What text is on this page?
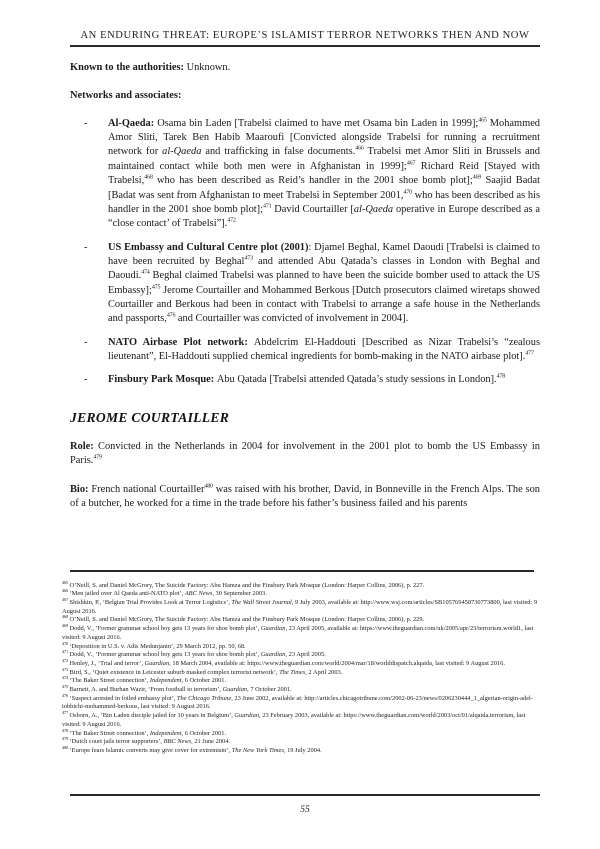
AN ENDURING THREAT: EUROPE’S ISLAMIST TERROR NETWORKS THEN AND NOW

Known to the authorities: Unknown.

Networks and associates:

-	Al-Qaeda: Osama bin Laden [Trabelsi claimed to have met Osama bin Laden in 1999];$^{465}$ Mohammed Amor Sliti, Tarek Ben Habib Maaroufi [Convicted alongside Trabelsi for running a recruitment network for al-Qaeda and trafficking in false documents.$^{466}$ Trabelsi met Amor Sliti in Brussels and maintained contact while both men were in Afghanistan in 1999];$^{467}$ Richard Reid [Stayed with Trabelsi,$^{468}$ who has been described as Reid’s handler in the 2001 shoe bomb plot];$^{469}$ Saajid Badat [Badat was sent from Afghanistan to meet Trabelsi in September 2001,$^{470}$ who has been described as his handler in the 2001 shoe bomb plot];$^{471}$ David Courtailler [al-Qaeda operative in Europe described as a “close contact’ of Trabelsi”].$^{472}$
-	US Embassy and Cultural Centre plot (2001): Djamel Beghal, Kamel Daoudi [Trabelsi is claimed to have been recruited by Beghal$^{473}$ and attended Abu Qatada’s classes in London with Beghal and Daoudi.$^{474}$ Beghal claimed Trabelsi was planned to have been the suicide bomber used to attack the US Embassy];$^{475}$ Jerome Courtailler and Mohammed Berkous [Dutch prosecutors claimed wiretaps showed Courtailler and Berkous had been in contact with Trabelsi to arrange a safe house in the Netherlands and passports,$^{476}$ and Courtailler was convicted of involvement in 2004].
-	NATO Airbase Plot network: Abdelcrim El-Haddouti [Described as Nizar Trabelsi’s “zealous lieutenant”, El-Haddouti supplied chemical ingredients for bomb-making in the NATO airbase plot].$^{477}$
-	Finsbury Park Mosque: Abu Qatada [Trabelsi attended Qatada’s study sessions in London].$^{478}$
JEROME COURTAILLER

Role: Convicted in the Netherlands in 2004 for involvement in the 2001 plot to bomb the US Embassy in Paris.$^{479}$

Bio: French national Courtailler$^{480}$ was raised with his brother, David, in Bonneville in the French Alps. The son of a butcher, he worked for a time in the trade before his father’s business failed and his parents

$^{465}$ O’Neill, S. and Daniel McGrory, The Suicide Factory: Abu Hamza and the Finsbury Park Mosque (London: Harper Collins, 2006), p. 227.

$^{466}$ ‘Men jailed over Al Qaeda anti-NATO plot’, ABC News, 30 September 2003.

$^{467}$ Shishkin, P., ‘Belgian Trial Provides Look at Terror Logistics’, The Wall Street Journal, 9 July 2003, available at: http://www.wsj.com/articles/SB105769450730773800, last visited: 9 August 2016.

$^{468}$ O’Neill, S. and Daniel McGrory, The Suicide Factory: Abu Hamza and the Finsbury Park Mosque (London: Harper Collins, 2006), p. 229.

$^{469}$ Dodd, V., ‘Former grammar school boy gets 13 years for shoe bomb plot’, Guardian, 23 April 2005, available at: https://www.theguardian.com/uk/2005/apr/23/terrorism.world1, last visited: 9 August 2016.

$^{470}$ ‘Deposition in U.S. v. Adis Medunjanin’, 29 March 2012, pp. 50, 68.

$^{471}$ Dodd, V., ‘Former grammar school boy gets 13 years for shoe bomb plot’, Guardian, 23 April 2005.

$^{472}$ Henley, J., ‘Trial and terror’, Guardian, 18 March 2004, available at: https://www.theguardian.com/world/2004/mar/18/worlddispatch.alqaida, last visited: 9 August 2016.

$^{473}$ Bird, S., ‘Quiet existence in Leicester suburb masked complex terrorist network’, The Times, 2 April 2003.

$^{474}$ ‘The Baker Street connection’, Independent, 6 October 2001.

$^{475}$ Barnett, A. and Burhan Wazir, ‘From football to terrorism’, Guardian, 7 October 2001.

$^{476}$ ‘Suspect arrested in foiled embassy plot’, The Chicago Tribune, 23 June 2002, available at: http://articles.chicagotribune.com/2002-06-23/news/0206230444_1_algerian-origin-adel-tobbichi-mohammed-berkous, last visited: 9 August 2016.

$^{477}$ Osborn, A., ‘Bin Laden disciple jailed for 10 years in Belgium’, Guardian, 23 February 2003, available at: https://www.theguardian.com/world/2003/oct/01/alqaida.terrorism, last visited: 9 August 2016.

$^{478}$ ‘The Baker Street connection’, Independent, 6 October 2001.

$^{479}$ ‘Dutch court jails terror supporters’, BBC News, 21 June 2004.

$^{480}$ ‘Europe fears Islamic converts may give cover for extremism’, The New York Times, 19 July 2004.

55
